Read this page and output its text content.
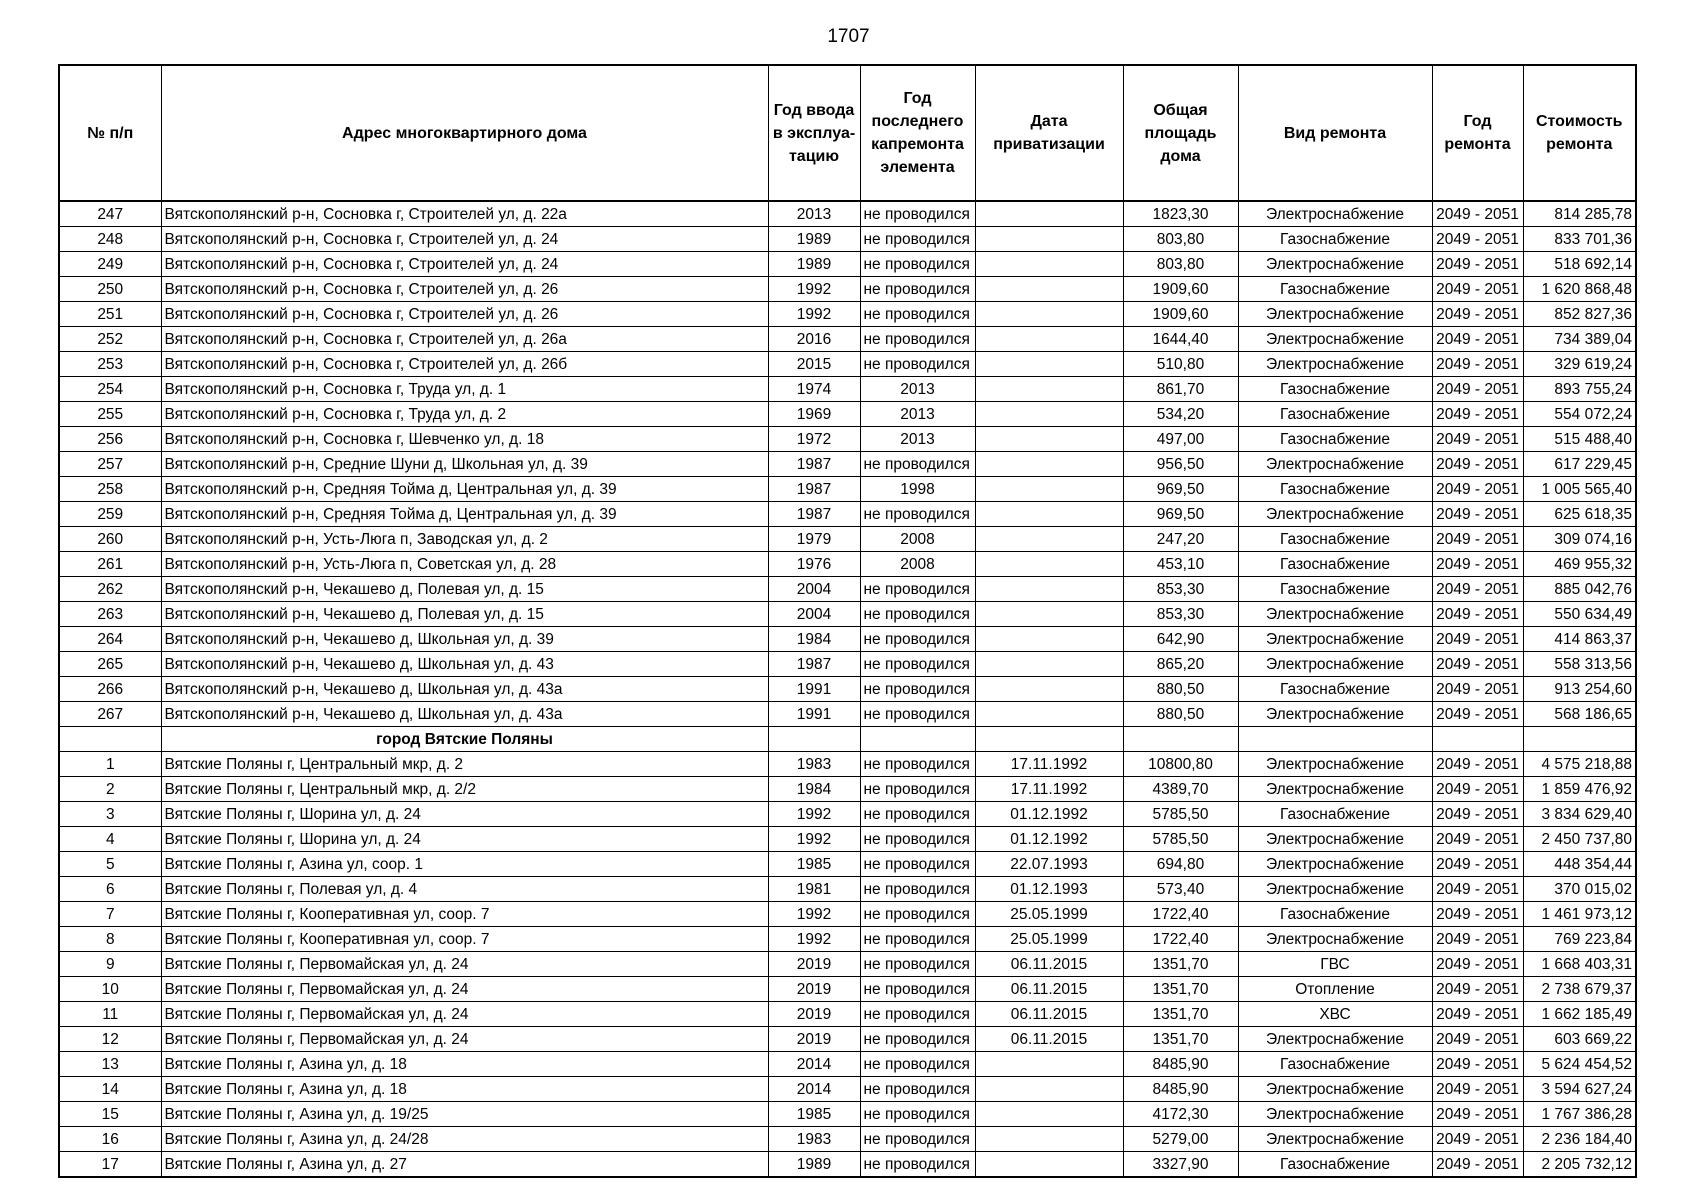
1707
№ п/п	Адрес многоквартирного дома	Год ввода в эксплуа-тацию	Год последнего капремонта элемента	Дата приватизации	Общая площадь дома	Вид ремонта	Год ремонта	Стоимость ремонта
247	Вятскополянский р-н, Сосновка г, Строителей ул, д. 22а	2013	не проводился		1823,30	Электроснабжение	2049 - 2051	814 285,78
248	Вятскополянский р-н, Сосновка г, Строителей ул, д. 24	1989	не проводился		803,80	Газоснабжение	2049 - 2051	833 701,36
249	Вятскополянский р-н, Сосновка г, Строителей ул, д. 24	1989	не проводился		803,80	Электроснабжение	2049 - 2051	518 692,14
250	Вятскополянский р-н, Сосновка г, Строителей ул, д. 26	1992	не проводился		1909,60	Газоснабжение	2049 - 2051	1 620 868,48
251	Вятскополянский р-н, Сосновка г, Строителей ул, д. 26	1992	не проводился		1909,60	Электроснабжение	2049 - 2051	852 827,36
252	Вятскополянский р-н, Сосновка г, Строителей ул, д. 26а	2016	не проводился		1644,40	Электроснабжение	2049 - 2051	734 389,04
253	Вятскополянский р-н, Сосновка г, Строителей ул, д. 26б	2015	не проводился		510,80	Электроснабжение	2049 - 2051	329 619,24
254	Вятскополянский р-н, Сосновка г, Труда ул, д. 1	1974	2013		861,70	Газоснабжение	2049 - 2051	893 755,24
255	Вятскополянский р-н, Сосновка г, Труда ул, д. 2	1969	2013		534,20	Газоснабжение	2049 - 2051	554 072,24
256	Вятскополянский р-н, Сосновка г, Шевченко ул, д. 18	1972	2013		497,00	Газоснабжение	2049 - 2051	515 488,40
257	Вятскополянский р-н, Средние Шуни д, Школьная ул, д. 39	1987	не проводился		956,50	Электроснабжение	2049 - 2051	617 229,45
258	Вятскополянский р-н, Средняя Тойма д, Центральная ул, д. 39	1987	1998		969,50	Газоснабжение	2049 - 2051	1 005 565,40
259	Вятскополянский р-н, Средняя Тойма д, Центральная ул, д. 39	1987	не проводился		969,50	Электроснабжение	2049 - 2051	625 618,35
260	Вятскополянский р-н, Усть-Люга п, Заводская ул, д. 2	1979	2008		247,20	Газоснабжение	2049 - 2051	309 074,16
261	Вятскополянский р-н, Усть-Люга п, Советская ул, д. 28	1976	2008		453,10	Газоснабжение	2049 - 2051	469 955,32
262	Вятскополянский р-н, Чекашево д, Полевая ул, д. 15	2004	не проводился		853,30	Газоснабжение	2049 - 2051	885 042,76
263	Вятскополянский р-н, Чекашево д, Полевая ул, д. 15	2004	не проводился		853,30	Электроснабжение	2049 - 2051	550 634,49
264	Вятскополянский р-н, Чекашево д, Школьная ул, д. 39	1984	не проводился		642,90	Электроснабжение	2049 - 2051	414 863,37
265	Вятскополянский р-н, Чекашево д, Школьная ул, д. 43	1987	не проводился		865,20	Электроснабжение	2049 - 2051	558 313,56
266	Вятскополянский р-н, Чекашево д, Школьная ул, д. 43а	1991	не проводился		880,50	Газоснабжение	2049 - 2051	913 254,60
267	Вятскополянский р-н, Чекашево д, Школьная ул, д. 43а	1991	не проводился		880,50	Электроснабжение	2049 - 2051	568 186,65
	город Вятские Поляны							
1	Вятские Поляны г, Центральный мкр, д. 2	1983	не проводился	17.11.1992	10800,80	Электроснабжение	2049 - 2051	4 575 218,88
2	Вятские Поляны г, Центральный мкр, д. 2/2	1984	не проводился	17.11.1992	4389,70	Электроснабжение	2049 - 2051	1 859 476,92
3	Вятские Поляны г, Шорина ул, д. 24	1992	не проводился	01.12.1992	5785,50	Газоснабжение	2049 - 2051	3 834 629,40
4	Вятские Поляны г, Шорина ул, д. 24	1992	не проводился	01.12.1992	5785,50	Электроснабжение	2049 - 2051	2 450 737,80
5	Вятские Поляны г, Азина ул, соор. 1	1985	не проводился	22.07.1993	694,80	Электроснабжение	2049 - 2051	448 354,44
6	Вятские Поляны г, Полевая ул, д. 4	1981	не проводился	01.12.1993	573,40	Электроснабжение	2049 - 2051	370 015,02
7	Вятские Поляны г, Кооперативная ул, соор. 7	1992	не проводился	25.05.1999	1722,40	Газоснабжение	2049 - 2051	1 461 973,12
8	Вятские Поляны г, Кооперативная ул, соор. 7	1992	не проводился	25.05.1999	1722,40	Электроснабжение	2049 - 2051	769 223,84
9	Вятские Поляны г, Первомайская ул, д. 24	2019	не проводился	06.11.2015	1351,70	ГВС	2049 - 2051	1 668 403,31
10	Вятские Поляны г, Первомайская ул, д. 24	2019	не проводился	06.11.2015	1351,70	Отопление	2049 - 2051	2 738 679,37
11	Вятские Поляны г, Первомайская ул, д. 24	2019	не проводился	06.11.2015	1351,70	ХВС	2049 - 2051	1 662 185,49
12	Вятские Поляны г, Первомайская ул, д. 24	2019	не проводился	06.11.2015	1351,70	Электроснабжение	2049 - 2051	603 669,22
13	Вятские Поляны г, Азина ул, д. 18	2014	не проводился		8485,90	Газоснабжение	2049 - 2051	5 624 454,52
14	Вятские Поляны г, Азина ул, д. 18	2014	не проводился		8485,90	Электроснабжение	2049 - 2051	3 594 627,24
15	Вятские Поляны г, Азина ул, д. 19/25	1985	не проводился		4172,30	Электроснабжение	2049 - 2051	1 767 386,28
16	Вятские Поляны г, Азина ул, д. 24/28	1983	не проводился		5279,00	Электроснабжение	2049 - 2051	2 236 184,40
17	Вятские Поляны г, Азина ул, д. 27	1989	не проводился		3327,90	Газоснабжение	2049 - 2051	2 205 732,12
